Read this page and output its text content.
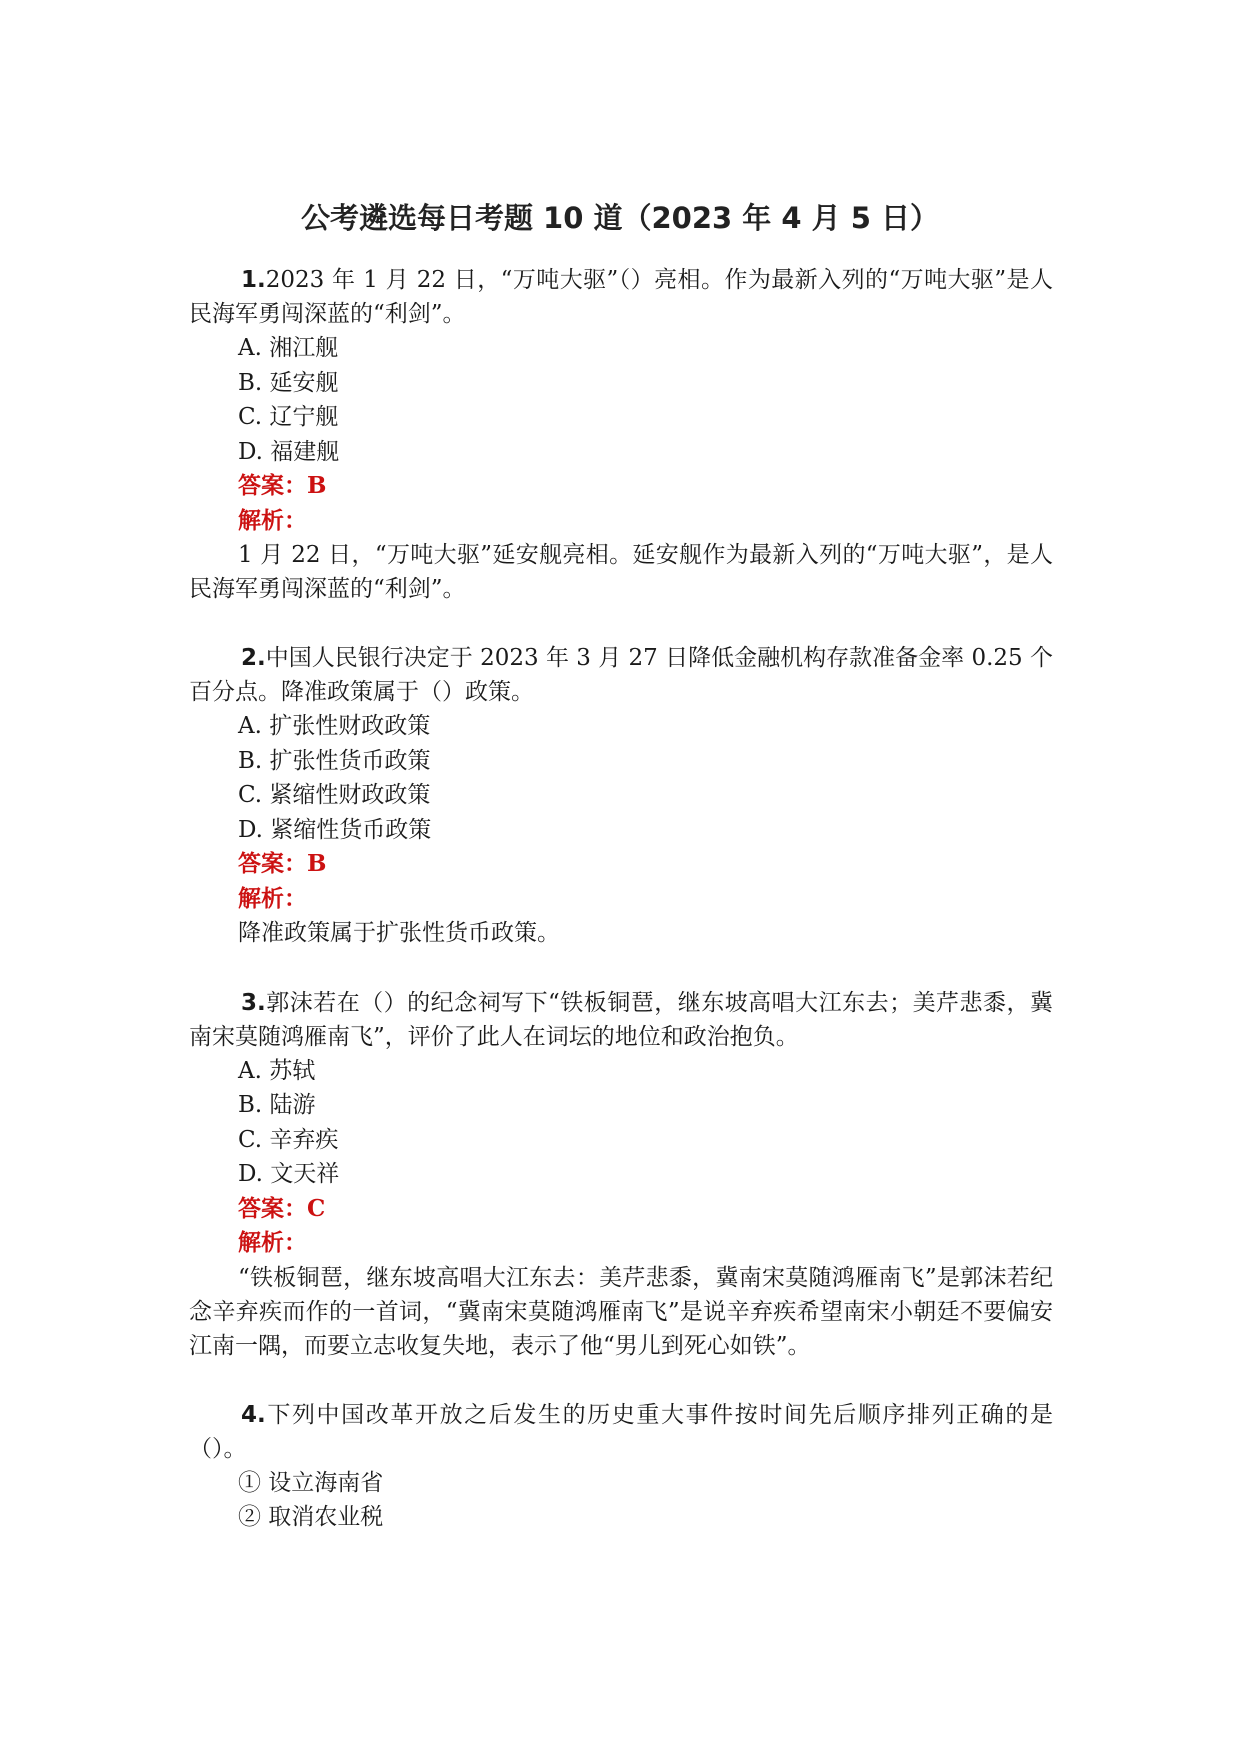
公考遴选每日考题 10 道（2023 年 4 月 5 日）

1.2023 年 1 月 22 日，“万吨大驱”（）亮相。作为最新入列的“万吨大驱”是人民海军勇闯深蓝的“利剑”。

A. 湘江舰

B. 延安舰

C. 辽宁舰

D. 福建舰

答案：B

解析：

1 月 22 日，“万吨大驱”延安舰亮相。延安舰作为最新入列的“万吨大驱”，是人民海军勇闯深蓝的“利剑”。

2.中国人民银行决定于 2023 年 3 月 27 日降低金融机构存款准备金率 0.25 个百分点。降准政策属于（）政策。

A. 扩张性财政政策

B. 扩张性货币政策

C. 紧缩性财政政策

D. 紧缩性货币政策

答案：B

解析：

降准政策属于扩张性货币政策。

3.郭沫若在（）的纪念祠写下“铁板铜琶，继东坡高唱大江东去；美芹悲黍，冀南宋莫随鸿雁南飞”，评价了此人在词坛的地位和政治抱负。

A. 苏轼

B. 陆游

C. 辛弃疾

D. 文天祥

答案：C

解析：

“铁板铜琶，继东坡高唱大江东去：美芹悲黍，冀南宋莫随鸿雁南飞”是郭沫若纪念辛弃疾而作的一首词，“冀南宋莫随鸿雁南飞”是说辛弃疾希望南宋小朝廷不要偏安江南一隅，而要立志收复失地，表示了他“男儿到死心如铁”。

4.下列中国改革开放之后发生的历史重大事件按时间先后顺序排列正确的是（）。

① 设立海南省

② 取消农业税
